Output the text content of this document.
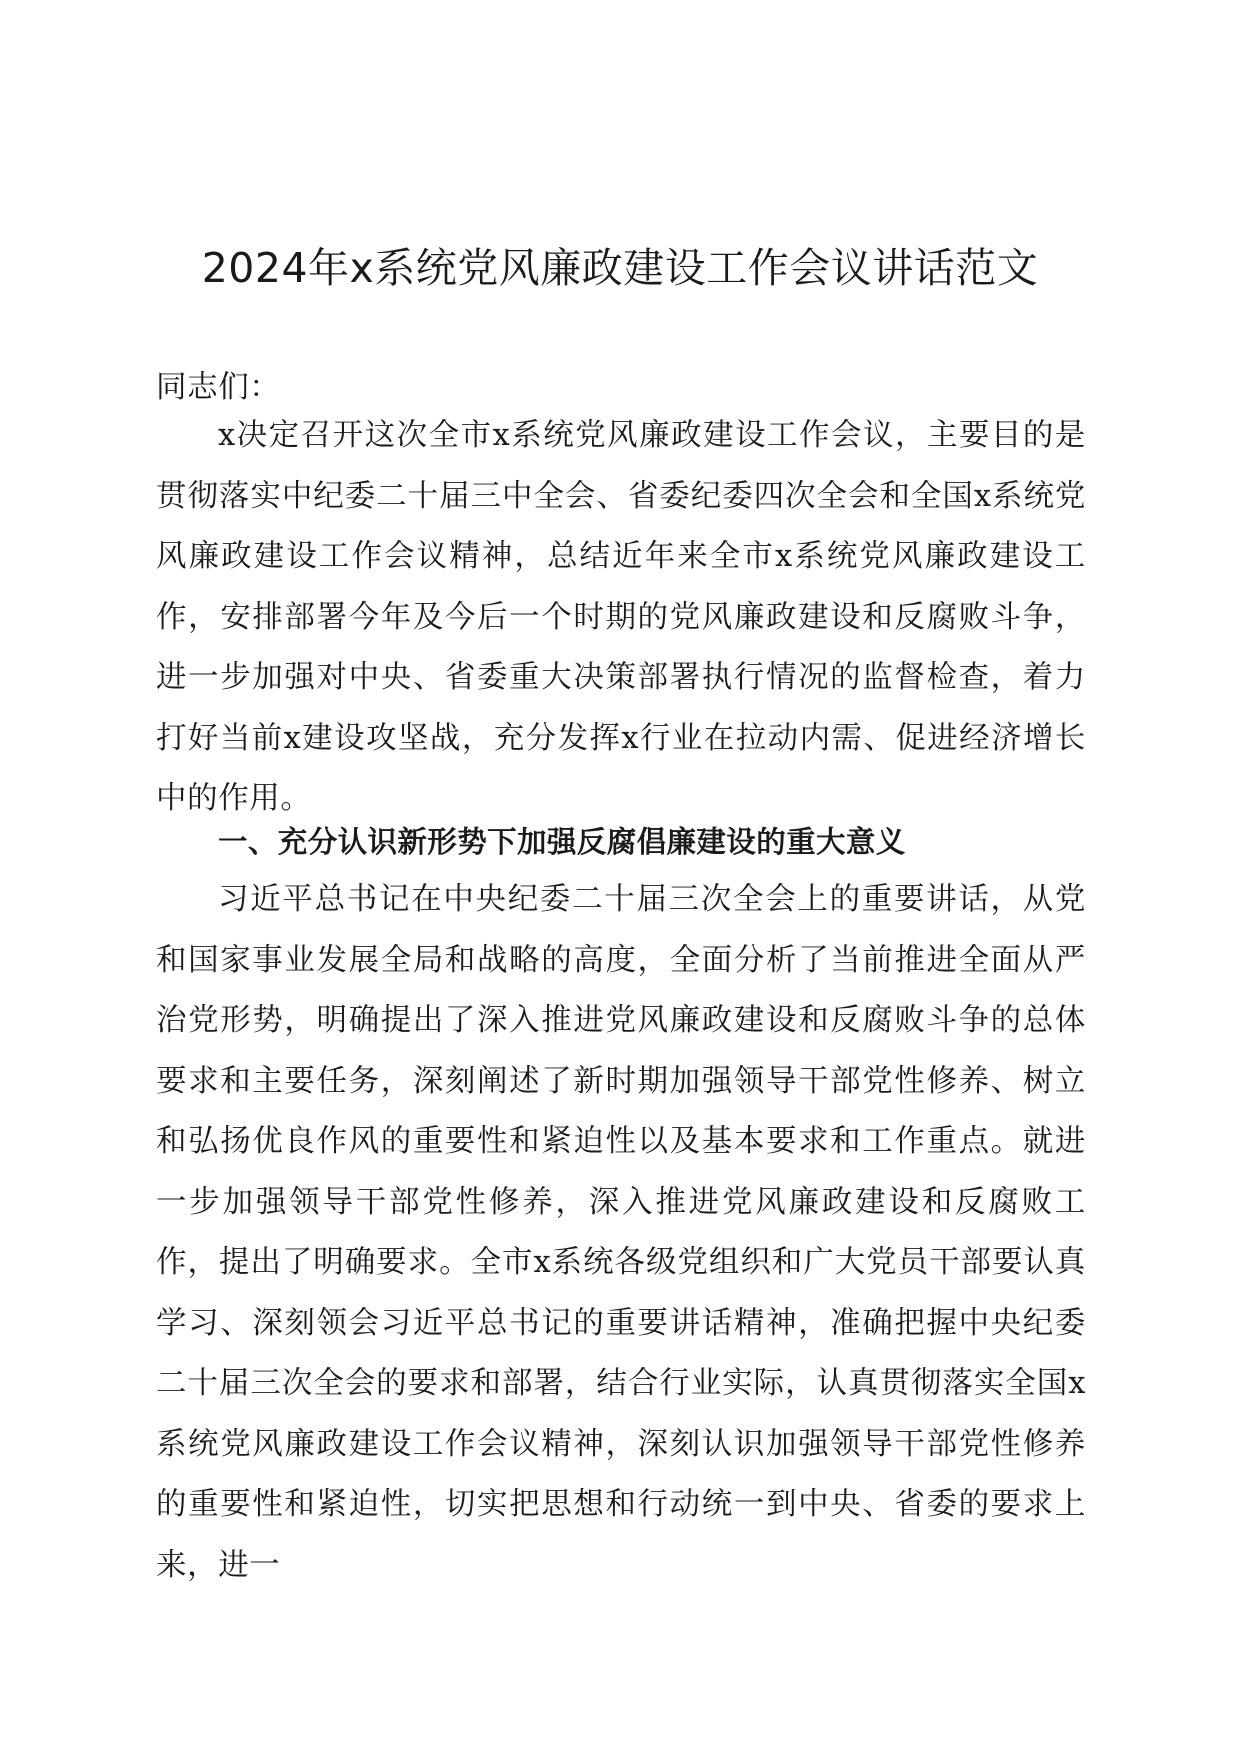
2024年x系统党风廉政建设工作会议讲话范文

同志们：

x决定召开这次全市x系统党风廉政建设工作会议，主要目的是贯彻落实中纪委二十届三中全会、省委纪委四次全会和全国x系统党风廉政建设工作会议精神，总结近年来全市x系统党风廉政建设工作，安排部署今年及今后一个时期的党风廉政建设和反腐败斗争，进一步加强对中央、省委重大决策部署执行情况的监督检查，着力打好当前x建设攻坚战，充分发挥x行业在拉动内需、促进经济增长中的作用。

一、充分认识新形势下加强反腐倡廉建设的重大意义

习近平总书记在中央纪委二十届三次全会上的重要讲话，从党和国家事业发展全局和战略的高度，全面分析了当前推进全面从严治党形势，明确提出了深入推进党风廉政建设和反腐败斗争的总体要求和主要任务，深刻阐述了新时期加强领导干部党性修养、树立和弘扬优良作风的重要性和紧迫性以及基本要求和工作重点。就进一步加强领导干部党性修养，深入推进党风廉政建设和反腐败工作，提出了明确要求。全市x系统各级党组织和广大党员干部要认真学习、深刻领会习近平总书记的重要讲话精神，准确把握中央纪委二十届三次全会的要求和部署，结合行业实际，认真贯彻落实全国x系统党风廉政建设工作会议精神，深刻认识加强领导干部党性修养的重要性和紧迫性，切实把思想和行动统一到中央、省委的要求上来，进一
